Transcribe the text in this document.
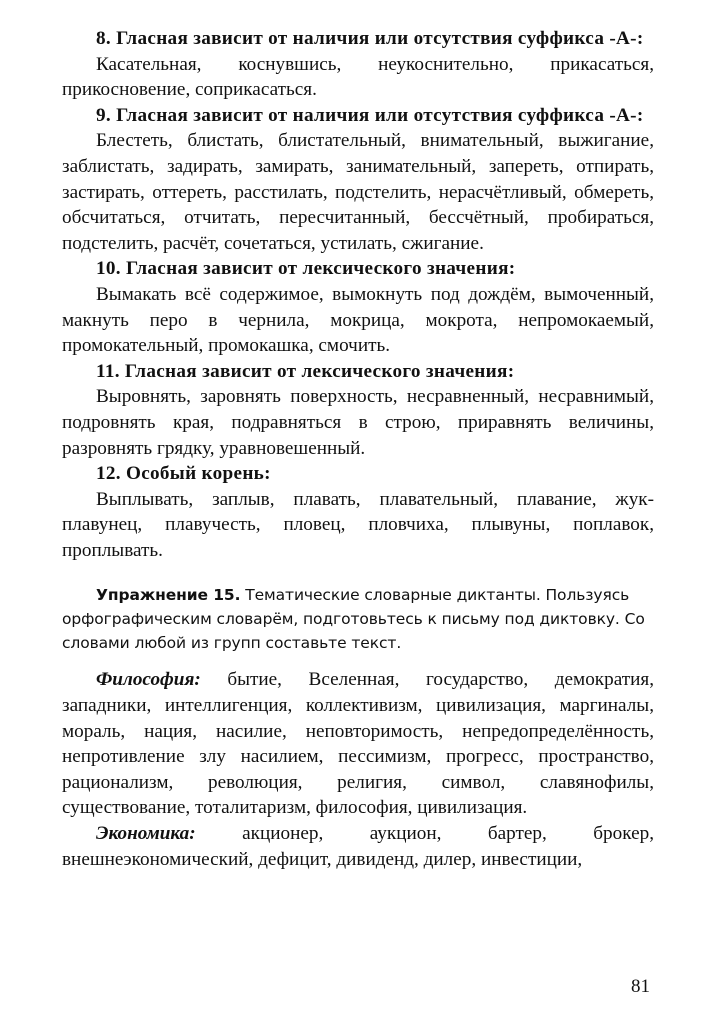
8. Гласная зависит от наличия или отсутствия суффикса -А-:

Касательная, коснувшись, неукоснительно, прикасаться, прикосновение, соприкасаться.

9. Гласная зависит от наличия или отсутствия суффикса -А-:

Блестеть, блистать, блистательный, внимательный, выжигание, заблистать, задирать, замирать, занимательный, запереть, отпирать, застирать, оттереть, расстилать, подстелить, нерасчётливый, обмереть, обсчитаться, отчитать, пересчитанный, бессчётный, пробираться, подстелить, расчёт, сочетаться, устилать, сжигание.

10. Гласная зависит от лексического значения:

Вымакать всё содержимое, вымокнуть под дождём, вымоченный, макнуть перо в чернила, мокрица, мокрота, непромокаемый, промокательный, промокашка, смочить.

11. Гласная зависит от лексического значения:

Выровнять, заровнять поверхность, несравненный, несравнимый, подровнять края, подравняться в строю, приравнять величины, разровнять грядку, уравновешенный.

12. Особый корень:

Выплывать, заплыв, плавать, плавательный, плавание, жук-плавунец, плавучесть, пловец, пловчиха, плывуны, поплавок, проплывать.

Упражнение 15. Тематические словарные диктанты. Пользуясь орфографическим словарём, подготовьтесь к письму под диктовку. Со словами любой из групп составьте текст.

Философия: бытие, Вселенная, государство, демократия, западники, интеллигенция, коллективизм, цивилизация, маргиналы, мораль, нация, насилие, неповторимость, непредопределённость, непротивление злу насилием, пессимизм, прогресс, пространство, рационализм, революция, религия, символ, славянофилы, существование, тоталитаризм, философия, цивилизация.

Экономика: акционер, аукцион, бартер, брокер, внешнеэкономический, дефицит, дивиденд, дилер, инвестиции,

81
